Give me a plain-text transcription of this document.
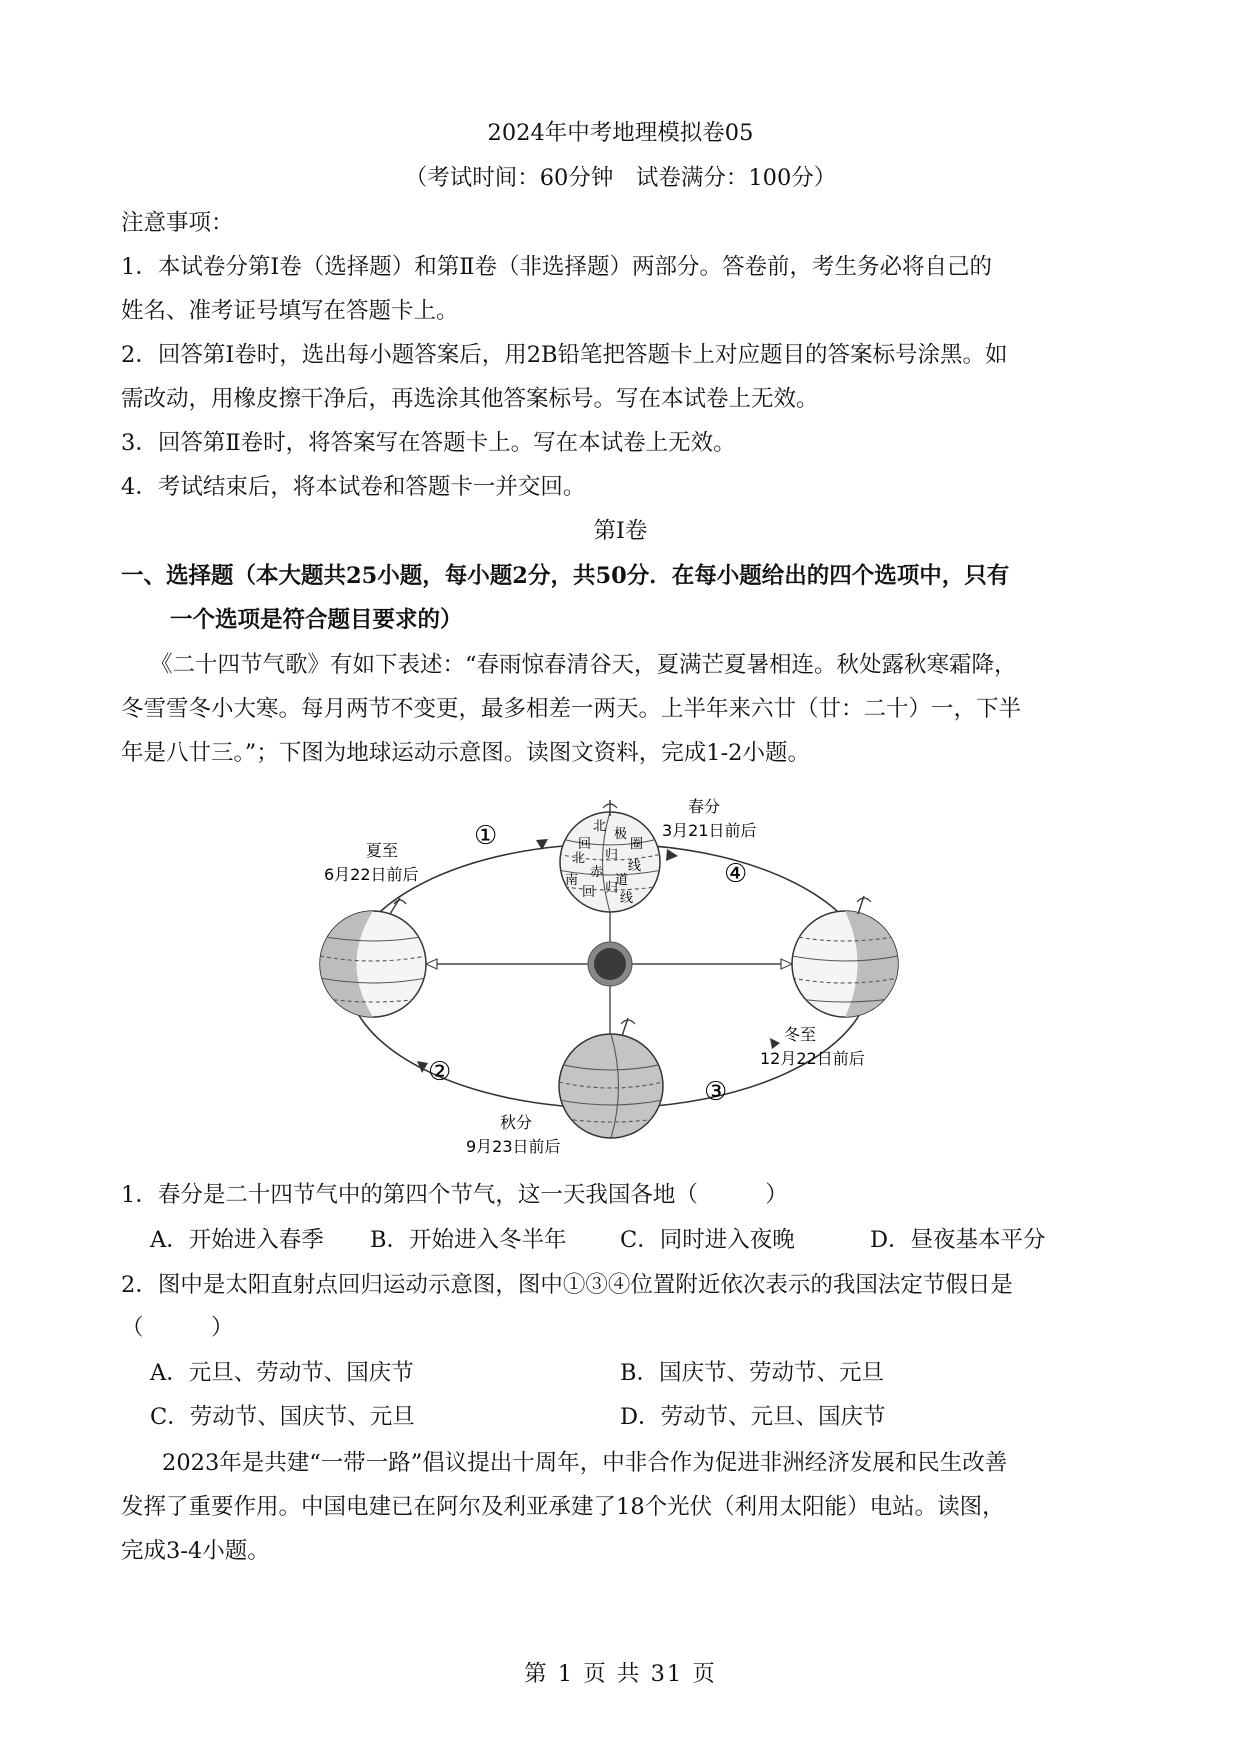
2024年中考地理模拟卷05
（考试时间：60分钟　试卷满分：100分）
注意事项：
1．本试卷分第Ⅰ卷（选择题）和第Ⅱ卷（非选择题）两部分。答卷前，考生务必将自己的
姓名、准考证号填写在答题卡上。
2．回答第Ⅰ卷时，选出每小题答案后，用2B铅笔把答题卡上对应题目的答案标号涂黑。如
需改动，用橡皮擦干净后，再选涂其他答案标号。写在本试卷上无效。
3．回答第Ⅱ卷时，将答案写在答题卡上。写在本试卷上无效。
4．考试结束后，将本试卷和答题卡一并交回。
第Ⅰ卷
一、选择题（本大题共25小题，每小题2分，共50分．在每小题给出的四个选项中，只有
一个选项是符合题目要求的）
《二十四节气歌》有如下表述：“春雨惊春清谷天，夏满芒夏暑相连。秋处露秋寒霜降，
冬雪雪冬小大寒。每月两节不变更，最多相差一两天。上半年来六廿（廿：二十）一，下半
年是八廿三。”；下图为地球运动示意图。读图文资料，完成1-2小题。
北
极
圈
回
归
线
北
赤
道
南
回 归
线
春分
3月21日前后
夏至
6月22日前后
冬至
12月22日前后
秋分
9月23日前后
①
②
③
④
1．春分是二十四节气中的第四个节气，这一天我国各地（　　　）
A．开始进入春季 B．开始进入冬半年 C．同时进入夜晚	D．昼夜基本平分
2．图中是太阳直射点回归运动示意图，图中①③④位置附近依次表示的我国法定节假日是
（　　　）
A．元旦、劳动节、国庆节	B．国庆节、劳动节、元旦
C．劳动节、国庆节、元旦	D．劳动节、元旦、国庆节
2023年是共建“一带一路”倡议提出十周年，中非合作为促进非洲经济发展和民生改善
发挥了重要作用。中国电建已在阿尔及利亚承建了18个光伏（利用太阳能）电站。读图，
完成3-4小题。
第 1 页 共 31 页
